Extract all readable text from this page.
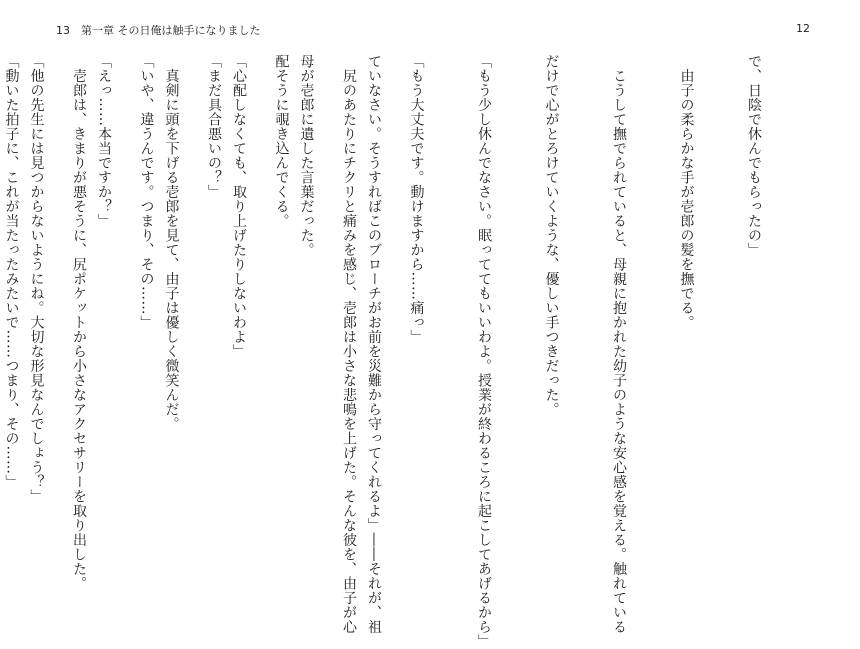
13　第一章 その日俺は触手になりました	12

で、日陰で休んでもらったの」

　由子の柔らかな手が壱郎の髪を撫でる。

　こうして撫でられていると、母親に抱かれた幼子のような安心感を覚える。触れている

だけで心がとろけていくような、優しい手つきだった。

「もう少し休んでなさい。眠っててもいいわよ。授業が終わるころに起こしてあげるから」

「もう大丈夫です。動けますから……痛っ」

　尻のあたりにチクリと痛みを感じ、壱郎は小さな悲鳴を上げた。そんな彼を、由子が心

配そうに覗き込んでくる。

「まだ具合悪いの？」

「いや、違うんです。つまり、その……」

　壱郎は、きまりが悪そうに、尻ポケットから小さなアクセサリーを取り出した。

「動いた拍子に、これが当たったみたいで……つまり、その……」

	ていなさい。そうすればこのブローチがお前を災難から守ってくれるよ」――それが、祖

母が壱郎に遺した言葉だった。

「心配しなくても、取り上げたりしないわよ」

　真剣に頭を下げる壱郎を見て、由子は優しく微笑んだ。

「えっ……本当ですか？」

「他の先生には見つからないようにね。大切な形見なんでしょう？」
